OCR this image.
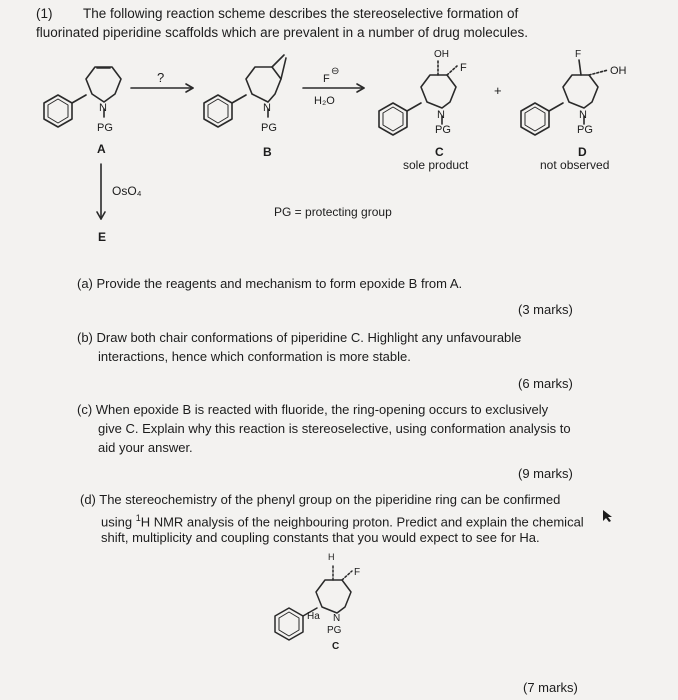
(1) The following reaction scheme describes the stereoselective formation of
fluorinated piperidine scaffolds which are prevalent in a number of drug molecules.
?
N
PG
N
PG
N
PG
N
PG
F
⊖
H₂O
OH
F
+
F
OH
A	B	C
sole product
D
not observed
OsO₄
E
PG = protecting group
(a) Provide the reagents and mechanism to form epoxide B from A.
(3 marks)
(b) Draw both chair conformations of piperidine C. Highlight any unfavourable
interactions, hence which conformation is more stable.
(6 marks)
(c) When epoxide B is reacted with fluoride, the ring-opening occurs to exclusively
give C. Explain why this reaction is stereoselective, using conformation analysis to
aid your answer.
(9 marks)
(d) The stereochemistry of the phenyl group on the piperidine ring can be confirmed
using $^1$H NMR analysis of the neighbouring proton. Predict and explain the chemical
shift, multiplicity and coupling constants that you would expect to see for Ha.
H
F
N
Ha
PG
C
(7 marks)
